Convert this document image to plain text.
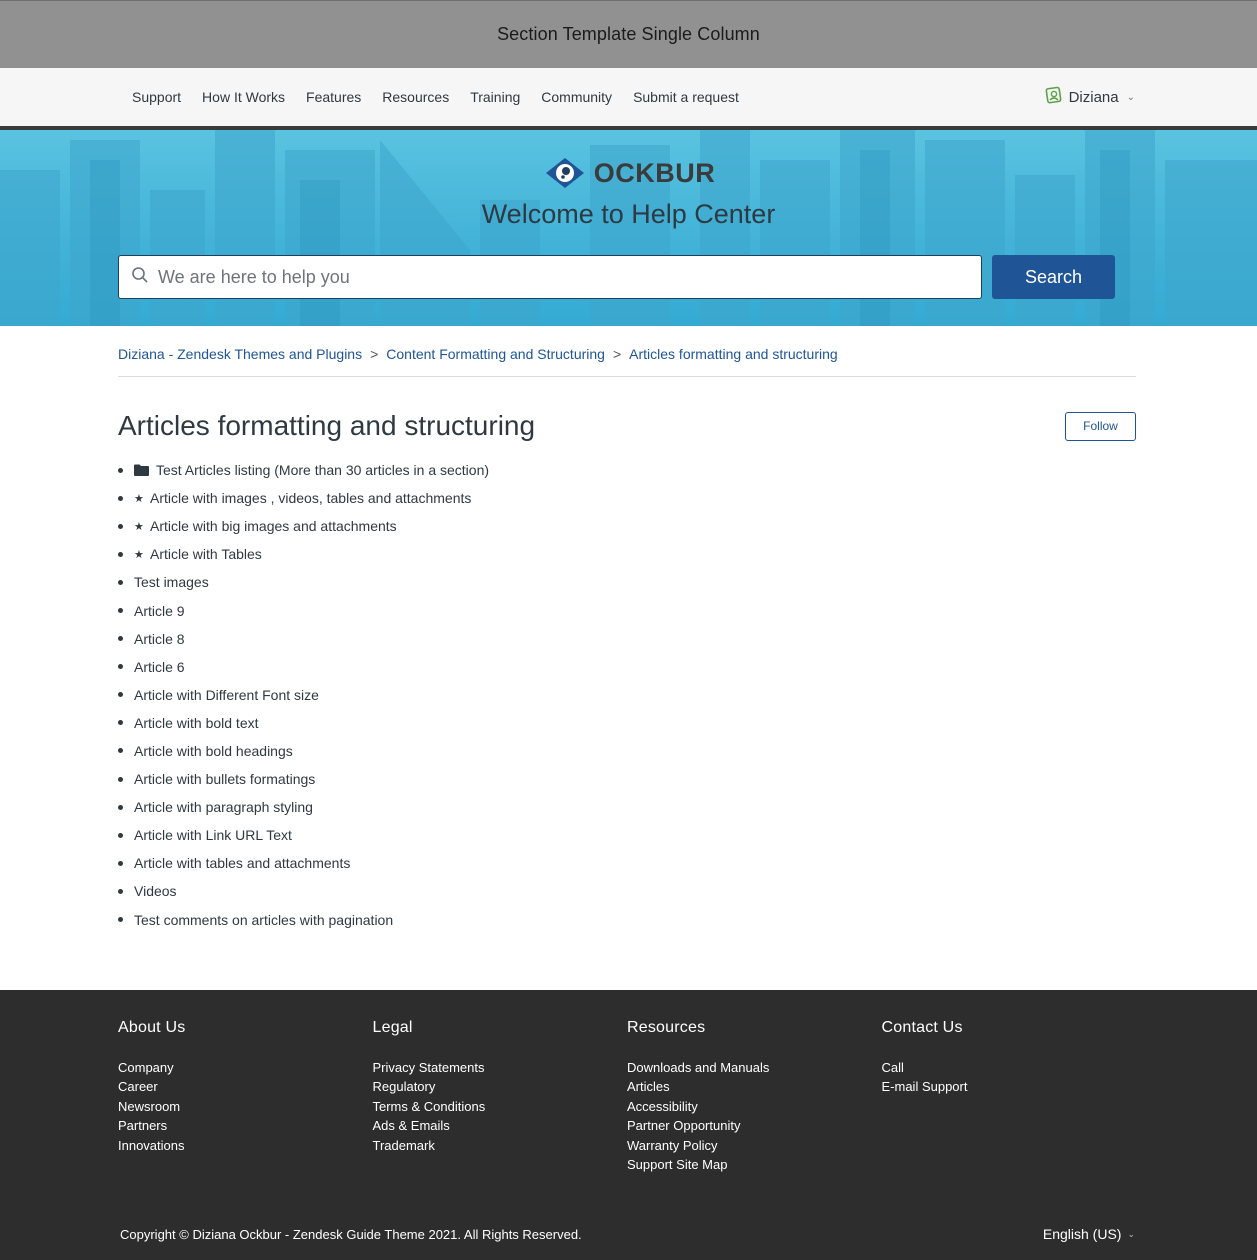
Section Template Single Column
Support How It Works Features Resources Training Community Submit a request	Diziana ⌄
OCKBUR
Welcome to Help Center
We are here to help you
Search
Diziana - Zendesk Themes and Plugins > Content Formatting and Structuring > Articles formatting and structuring
Articles formatting and structuring	Follow
Test Articles listing (More than 30 articles in a section)
★ Article with images , videos, tables and attachments
★ Article with big images and attachments
★ Article with Tables
Test images
Article 9
Article 8
Article 6
Article with Different Font size
Article with bold text
Article with bold headings
Article with bullets formatings
Article with paragraph styling
Article with Link URL Text
Article with tables and attachments
Videos
Test comments on articles with pagination
About Us
Company
Career
Newsroom
Partners
Innovations
Legal
Privacy Statements
Regulatory
Terms & Conditions
Ads & Emails
Trademark
Resources
Downloads and Manuals
Articles
Accessibility
Partner Opportunity
Warranty Policy
Support Site Map
Contact Us
Call
E-mail Support
Copyright © Diziana Ockbur - Zendesk Guide Theme 2021. All Rights Reserved.	English (US) ⌄
